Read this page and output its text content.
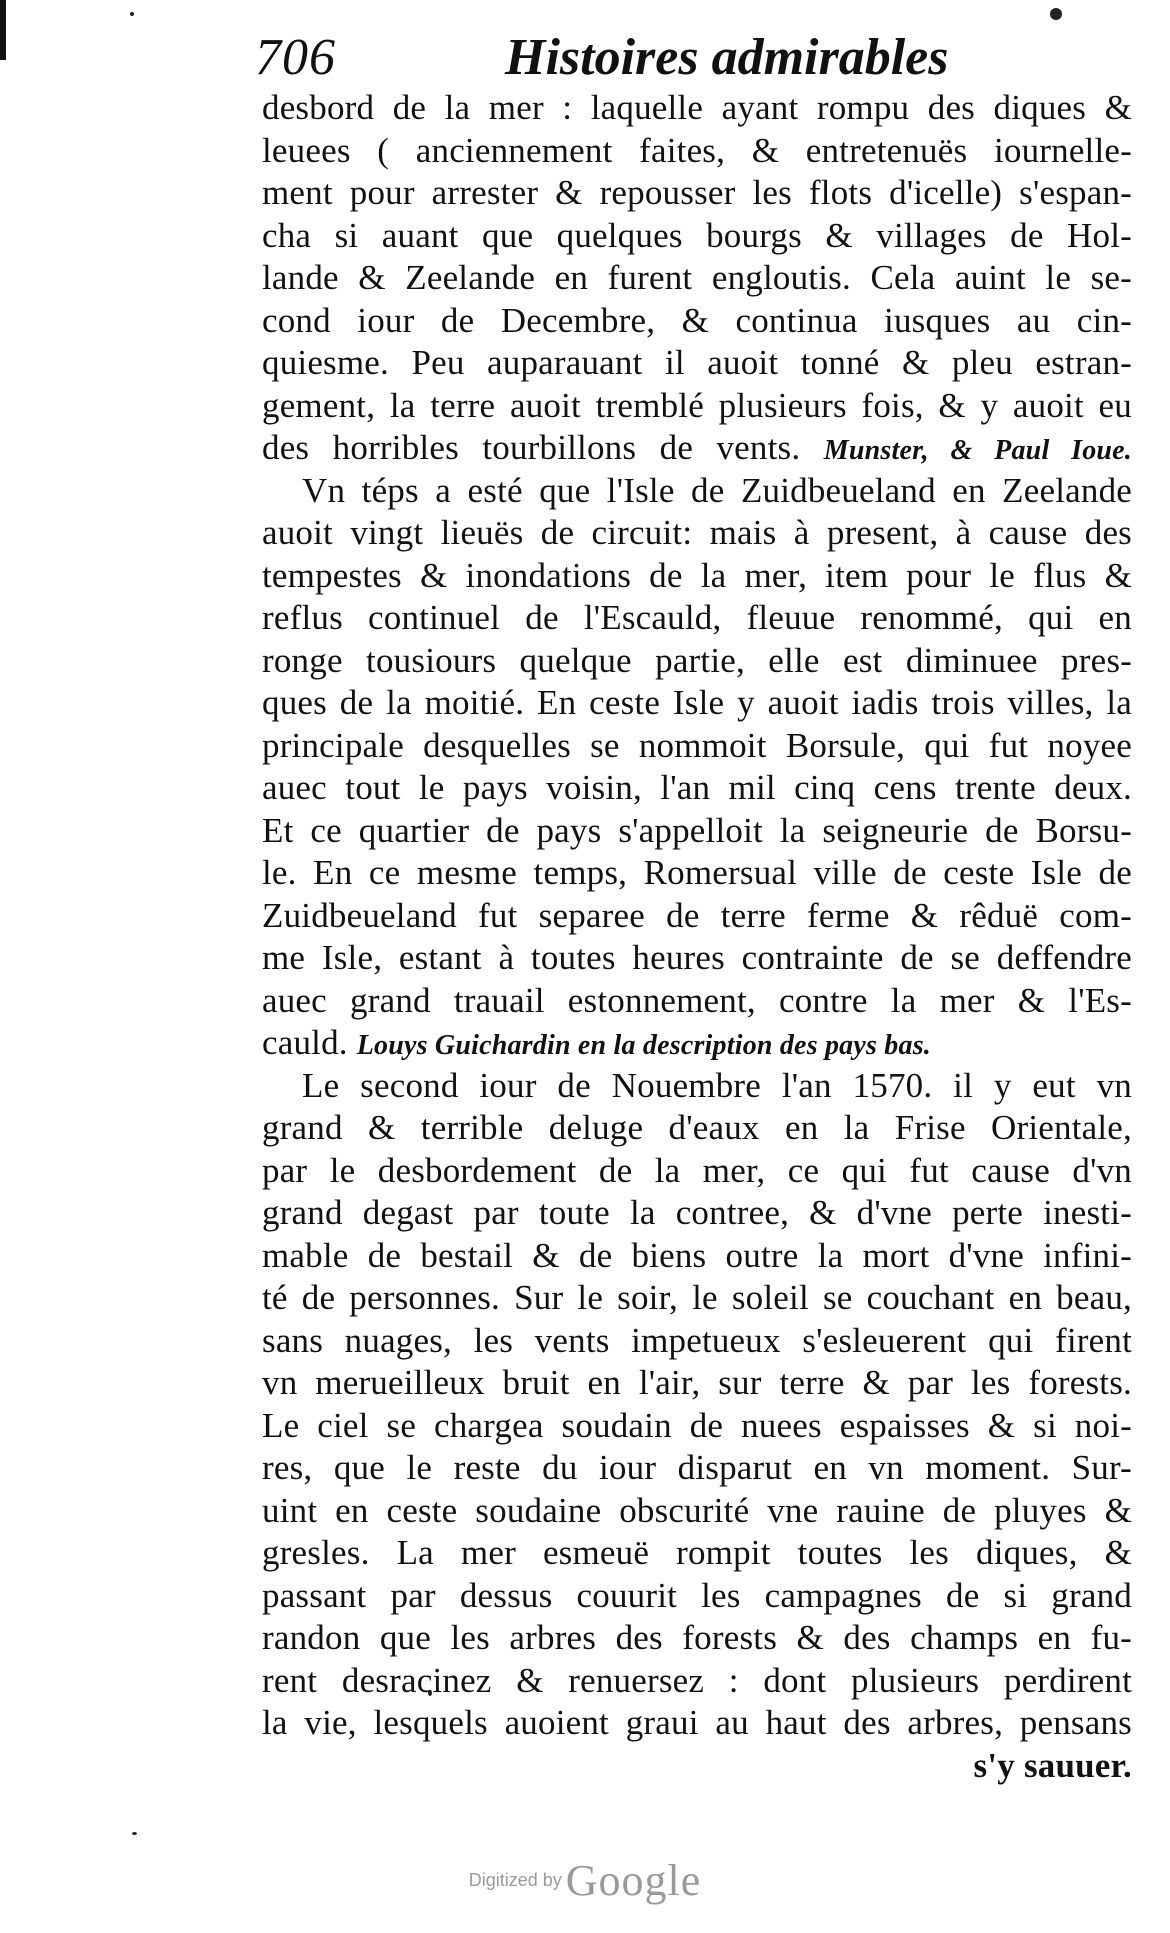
706	Histoires admirables
desbord de la mer : laquelle ayant rompu des diques &
leuees ( anciennement faites, & entretenuës iournelle-
ment pour arrester & repousser les flots d'icelle) s'espan-
cha si auant que quelques bourgs & villages de Hol-
lande & Zeelande en furent engloutis. Cela auint le se-
cond iour de Decembre, & continua iusques au cin-
quiesme. Peu auparauant il auoit tonné & pleu estran-
gement, la terre auoit tremblé plusieurs fois, & y auoit eu
des horribles tourbillons de vents. Munster, & Paul Ioue.
Vn téps a esté que l'Isle de Zuidbeueland en Zeelande
auoit vingt lieuës de circuit: mais à present, à cause des
tempestes & inondations de la mer, item pour le flus &
reflus continuel de l'Escauld, fleuue renommé, qui en
ronge tousiours quelque partie, elle est diminuee pres-
ques de la moitié. En ceste Isle y auoit iadis trois villes, la
principale desquelles se nommoit Borsule, qui fut noyee
auec tout le pays voisin, l'an mil cinq cens trente deux.
Et ce quartier de pays s'appelloit la seigneurie de Borsu-
le. En ce mesme temps, Romersual ville de ceste Isle de
Zuidbeueland fut separee de terre ferme & rêduë com-
me Isle, estant à toutes heures contrainte de se deffendre
auec grand trauail estonnement, contre la mer & l'Es-
cauld. Louys Guichardin en la description des pays bas.
Le second iour de Nouembre l'an 1570. il y eut vn
grand & terrible deluge d'eaux en la Frise Orientale,
par le desbordement de la mer, ce qui fut cause d'vn
grand degast par toute la contree, & d'vne perte inesti-
mable de bestail & de biens outre la mort d'vne infini-
té de personnes. Sur le soir, le soleil se couchant en beau,
sans nuages, les vents impetueux s'esleuerent qui firent
vn merueilleux bruit en l'air, sur terre & par les forests.
Le ciel se chargea soudain de nuees espaisses & si noi-
res, que le reste du iour disparut en vn moment. Sur-
uint en ceste soudaine obscurité vne rauine de pluyes &
gresles. La mer esmeuë rompit toutes les diques, &
passant par dessus couurit les campagnes de si grand
randon que les arbres des forests & des champs en fu-
rent desracinez & renuersez : dont plusieurs perdirent
la vie, lesquels auoient graui au haut des arbres, pensans
s'y sauuer.
Digitized by Google
